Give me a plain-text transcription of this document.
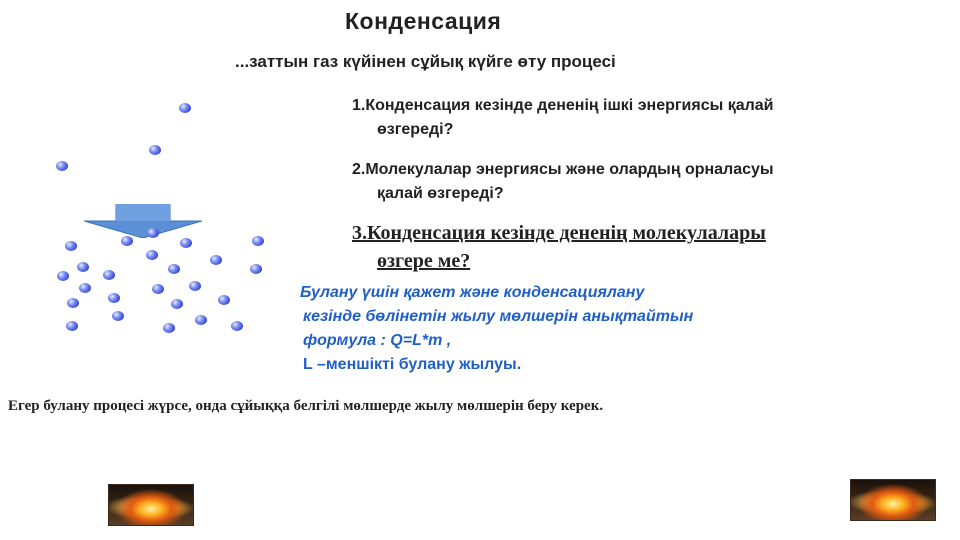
Конденсация
...заттын газ күйінен сұйық күйге өту процесі
1.Конденсация кезінде дененің ішкі энергиясы қалай
өзгереді?
2.Молекулалар энергиясы және олардың орналасуы
қалай өзгереді?
3.Конденсация кезінде дененің молекулалары
өзгере ме?
Булану үшін қажет және конденсациялану
кезінде бөлінетін жылу мөлшерін анықтайтын
формула : Q=L*m ,
L –меншікті булану жылуы.
Егер булану процесі жүрсе, онда сұйыққа белгілі мөлшерде жылу мөлшерін беру керек.
